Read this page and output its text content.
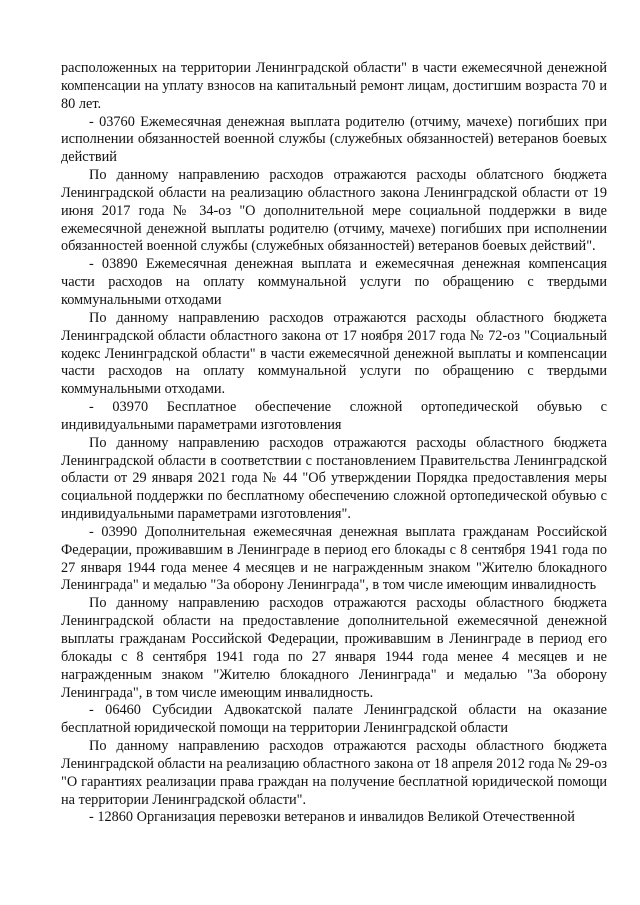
расположенных на территории Ленинградской области" в части ежемесячной денежной компенсации на уплату взносов на капитальный ремонт лицам, достигшим возраста 70 и 80 лет.

- 03760 Ежемесячная денежная выплата родителю (отчиму, мачехе) погибших при исполнении обязанностей военной службы (служебных обязанностей) ветеранов боевых действий

По данному направлению расходов отражаются расходы облатсного бюджета Ленинградской области на реализацию областного закона Ленинградской области от 19 июня 2017 года № 34-оз "О дополнительной мере социальной поддержки в виде ежемесячной денежной выплаты родителю (отчиму, мачехе) погибших при исполнении обязанностей военной службы (служебных обязанностей) ветеранов боевых действий".

- 03890 Ежемесячная денежная выплата и ежемесячная денежная компенсация части расходов на оплату коммунальной услуги по обращению с твердыми коммунальными отходами

По данному направлению расходов отражаются расходы областного бюджета Ленинградской области областного закона от 17 ноября 2017 года № 72-оз "Социальный кодекс Ленинградской области" в части ежемесячной денежной выплаты и компенсации части расходов на оплату коммунальной услуги по обращению с твердыми коммунальными отходами.

- 03970 Бесплатное обеспечение сложной ортопедической обувью с индивидуальными параметрами изготовления

По данному направлению расходов отражаются расходы областного бюджета Ленинградской области в соответствии с постановлением Правительства Ленинградской области от 29 января 2021 года № 44 "Об утверждении Порядка предоставления меры социальной поддержки по бесплатному обеспечению сложной ортопедической обувью с индивидуальными параметрами изготовления".

- 03990 Дополнительная ежемесячная денежная выплата гражданам Российской Федерации, проживавшим в Ленинграде в период его блокады с 8 сентября 1941 года по 27 января 1944 года менее 4 месяцев и не награжденным знаком "Жителю блокадного Ленинграда" и медалью "За оборону Ленинграда", в том числе имеющим инвалидность

По данному направлению расходов отражаются расходы областного бюджета Ленинградской области на предоставление дополнительной ежемесячной денежной выплаты гражданам Российской Федерации, проживавшим в Ленинграде в период его блокады с 8 сентября 1941 года по 27 января 1944 года менее 4 месяцев и не награжденным знаком "Жителю блокадного Ленинграда" и медалью "За оборону Ленинграда", в том числе имеющим инвалидность.

- 06460 Субсидии Адвокатской палате Ленинградской области на оказание бесплатной юридической помощи на территории Ленинградской области

По данному направлению расходов отражаются расходы областного бюджета Ленинградской области на реализацию областного закона от 18 апреля 2012 года № 29-оз "О гарантиях реализации права граждан на получение бесплатной юридической помощи на территории Ленинградской области".

- 12860 Организация перевозки ветеранов и инвалидов Великой Отечественной
